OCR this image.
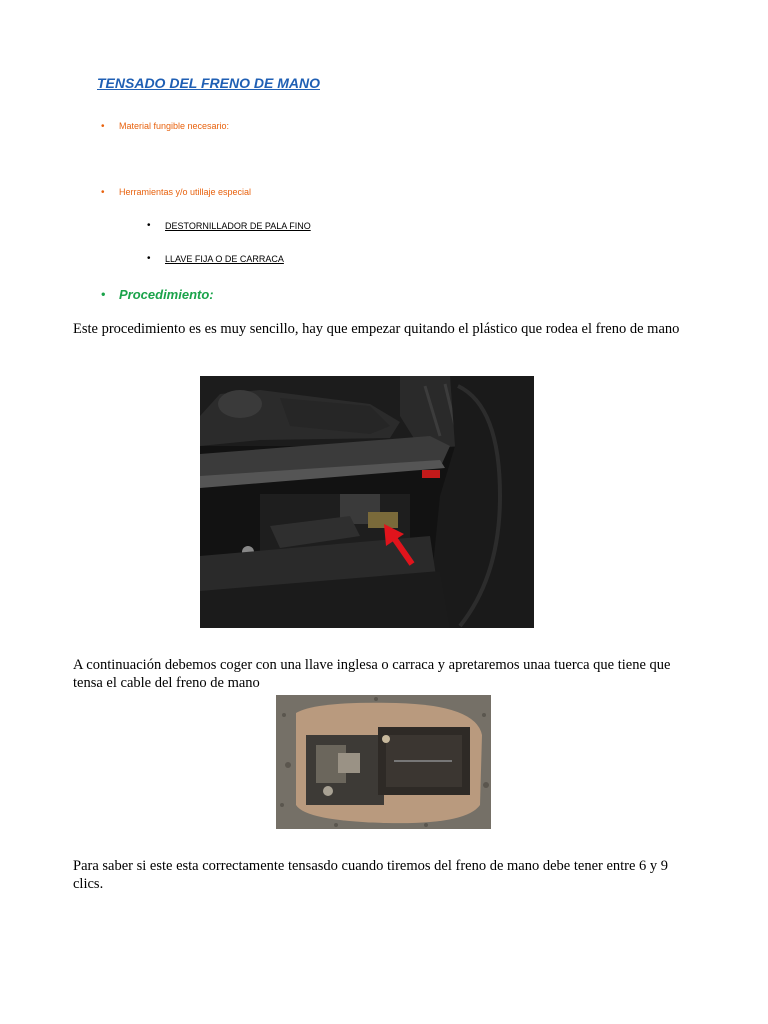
TENSADO DEL FRENO DE MANO
• Material fungible necesario:
• Herramientas y/o utillaje especial
• DESTORNILLADOR DE PALA FINO
• LLAVE FIJA O DE CARRACA
• Procedimiento:
Este procedimiento es es muy sencillo, hay que empezar quitando el plástico que rodea el freno de mano
A continuación debemos coger con una llave inglesa o carraca y apretaremos unaa tuerca que tiene que tensa el cable del freno de mano
Para saber si este esta correctamente tensasdo cuando tiremos del freno de mano debe tener entre 6 y 9 clics.
